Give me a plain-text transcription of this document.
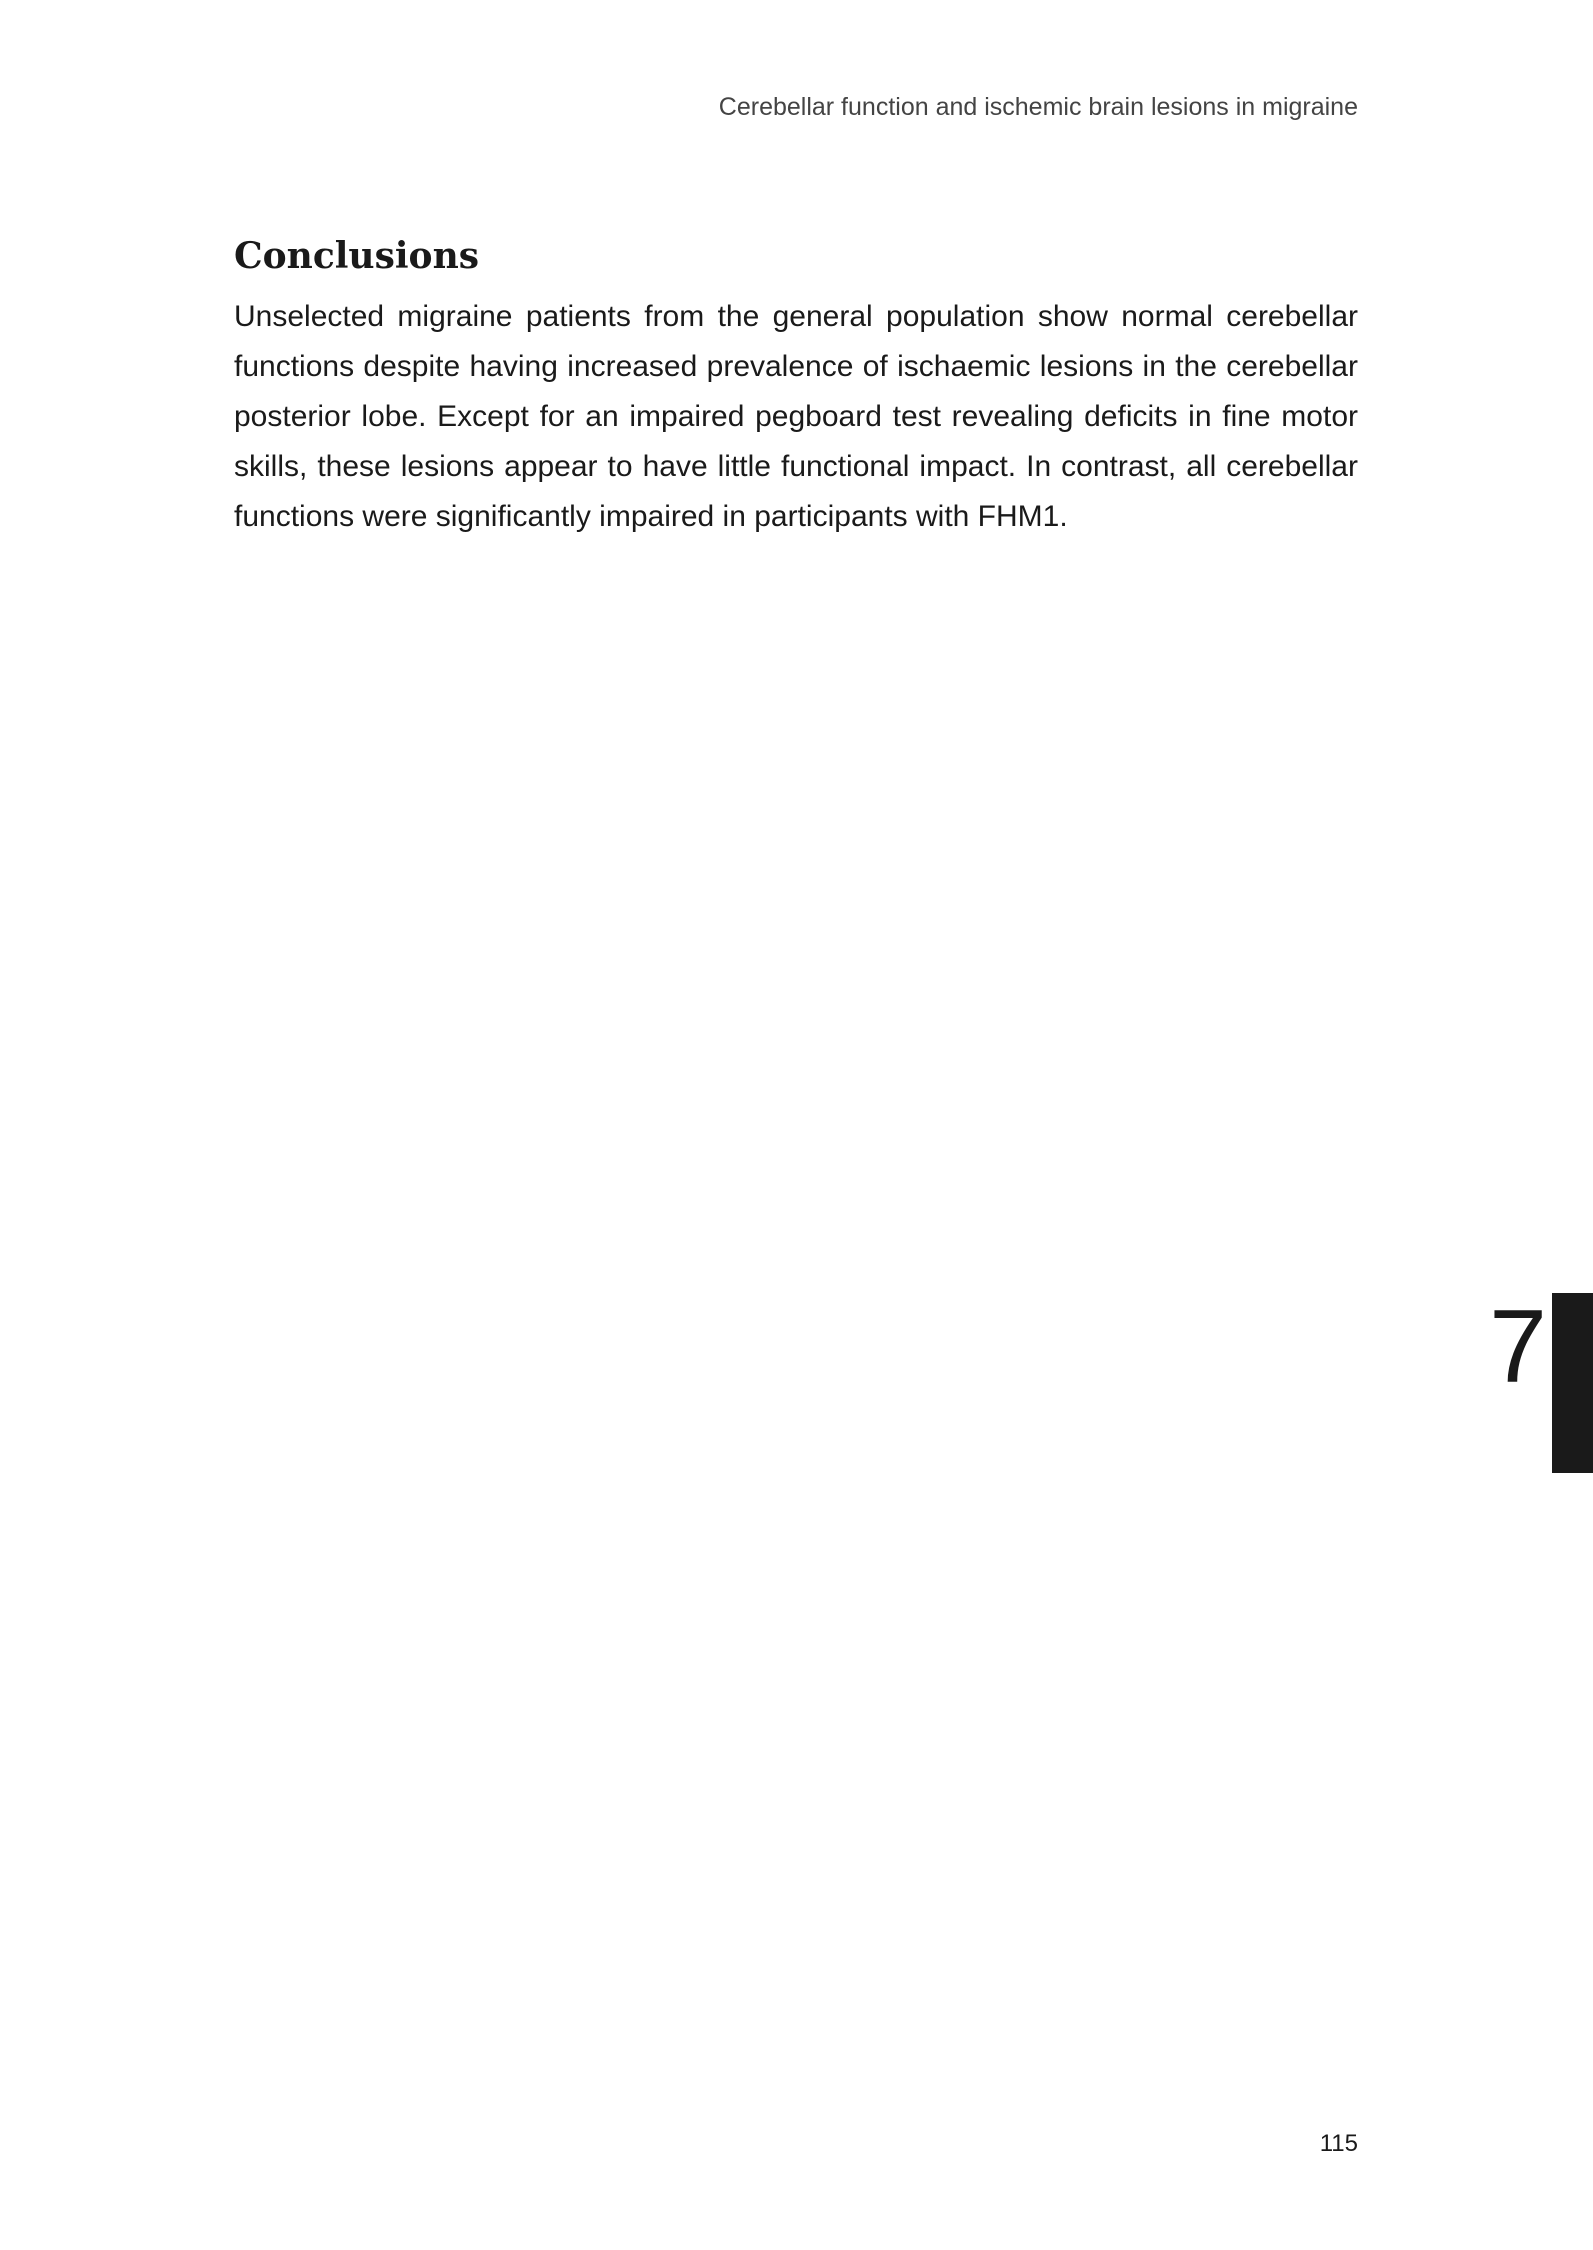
Cerebellar function and ischemic brain lesions in migraine
Conclusions

Unselected migraine patients from the general population show normal cerebellar functions despite having increased prevalence of ischaemic lesions in the cerebellar posterior lobe. Except for an impaired pegboard test revealing deficits in fine motor skills, these lesions appear to have little functional impact. In contrast, all cerebellar functions were significantly impaired in participants with FHM1.

7
115
